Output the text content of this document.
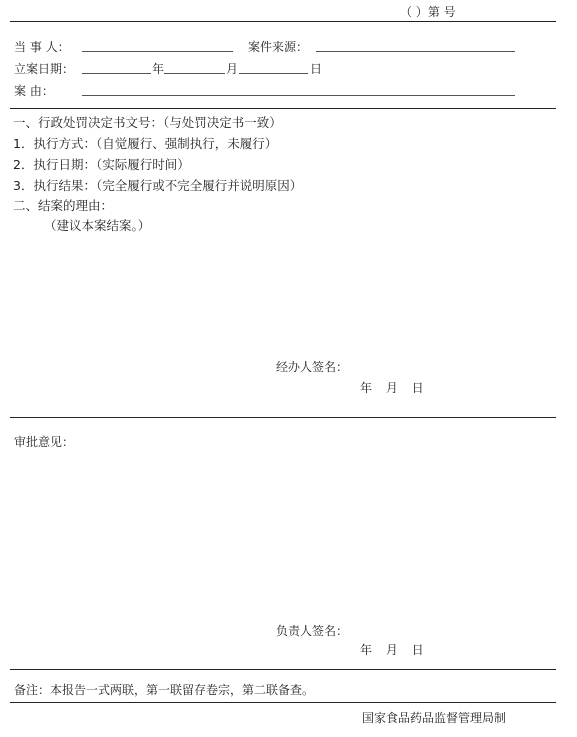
（ ）第 号
当 事 人：	案件来源：
立案日期：	年	月	日
案 由：
一、行政处罚决定书文号：（与处罚决定书一致）
1．执行方式：（自觉履行、强制执行，未履行）
2．执行日期：（实际履行时间）
3．执行结果：（完全履行或不完全履行并说明原因）
二、结案的理由：
（建议本案结案。）
经办人签名：
年 月 日
审批意见：
负责人签名：
年 月 日
备注：本报告一式两联，第一联留存卷宗，第二联备查。
国家食品药品监督管理局制
